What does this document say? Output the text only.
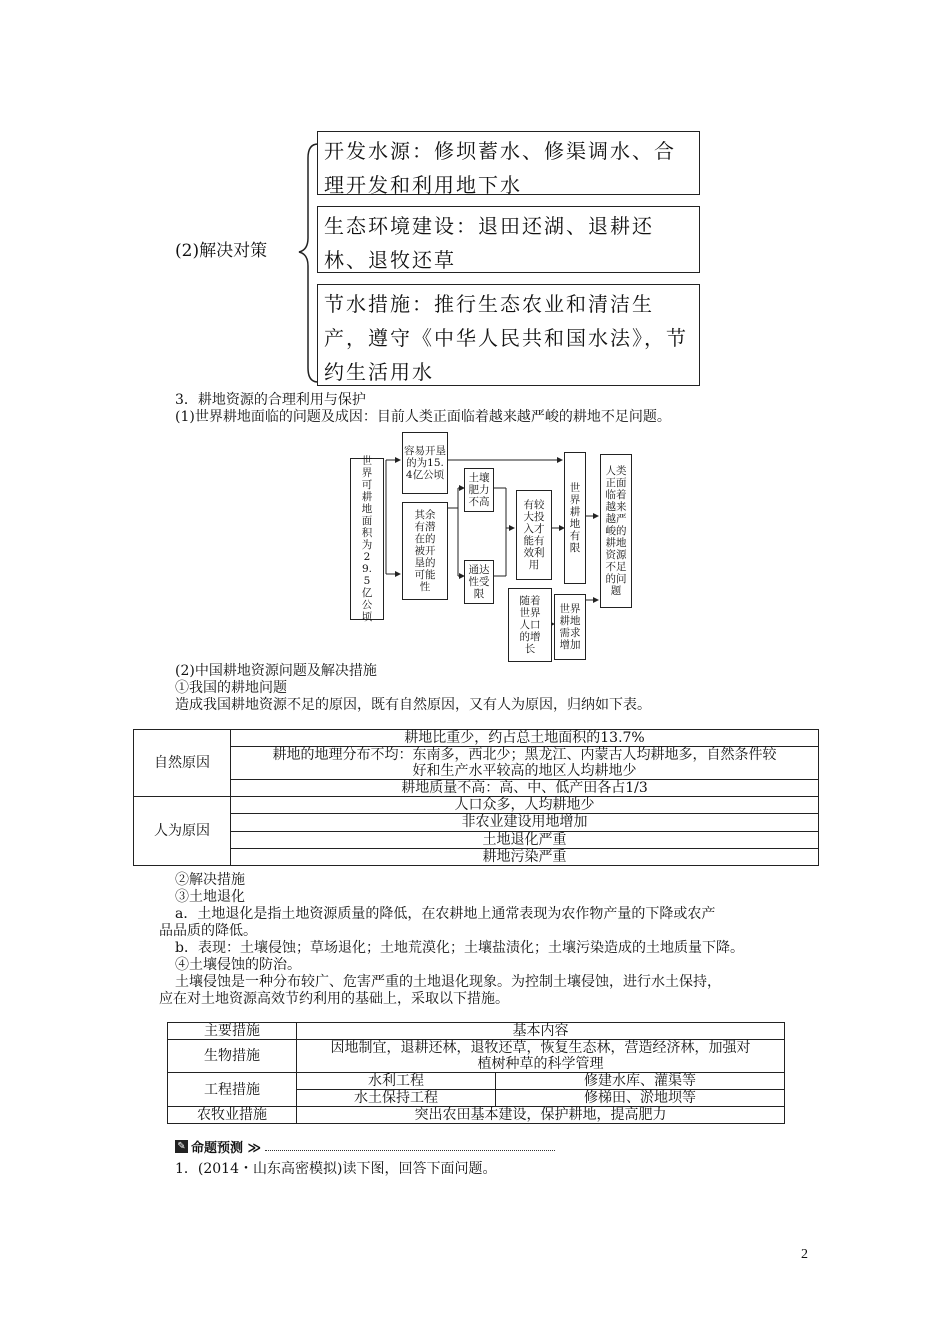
(2)解决对策
开发水源：修坝蓄水、修渠调水、合理开发和利用地下水
生态环境建设：退田还湖、退耕还林、退牧还草
节水措施：推行生态农业和清洁生产，遵守《中华人民共和国水法》，节约生活用水
3．耕地资源的合理利用与保护
(1)世界耕地面临的问题及成因：目前人类正面临着越来越严峻的耕地不足问题。
世界可耕地面积为29.5亿公顷
容易开垦的为15.4亿公顷
其余有潜在的被开垦的可能性
土壤肥力不高
通达性受限
有较大投入才能有效利用
世界耕地有限
随着世界人口的增长
世界耕地需求增加
人类正面临着越来越严峻的耕地资源不足的问题
(2)中国耕地资源问题及解决措施
①我国的耕地问题
造成我国耕地资源不足的原因，既有自然原因，又有人为原因，归纳如下表。
自然原因	耕地比重少，约占总土地面积的13.7%
	耕地的地理分布不均：东南多，西北少；黑龙江、内蒙古人均耕地多，自然条件较
	好和生产水平较高的地区人均耕地少
	耕地质量不高：高、中、低产田各占1/3
人为原因	人口众多，人均耕地少
	非农业建设用地增加
	土地退化严重
	耕地污染严重
②解决措施
③土地退化
a．土地退化是指土地资源质量的降低，在农耕地上通常表现为农作物产量的下降或农产
品品质的降低。
b．表现：土壤侵蚀；草场退化；土地荒漠化；土壤盐渍化；土壤污染造成的土地质量下降。
④土壤侵蚀的防治。
土壤侵蚀是一种分布较广、危害严重的土地退化现象。为控制土壤侵蚀，进行水土保持，
应在对土地资源高效节约利用的基础上，采取以下措施。
主要措施	基本内容	
生物措施	因地制宜，退耕还林，退牧还草，恢复生态林，营造经济林，加强对
植树种草的科学管理	

工程措施	水利工程	修建水库、灌渠等
	水土保持工程	修梯田、淤地坝等
农牧业措施	突出农田基本建设，保护耕地，提高肥力	
✎ 命题预测 ≫
1．(2014・山东高密模拟)读下图，回答下面问题。
2
